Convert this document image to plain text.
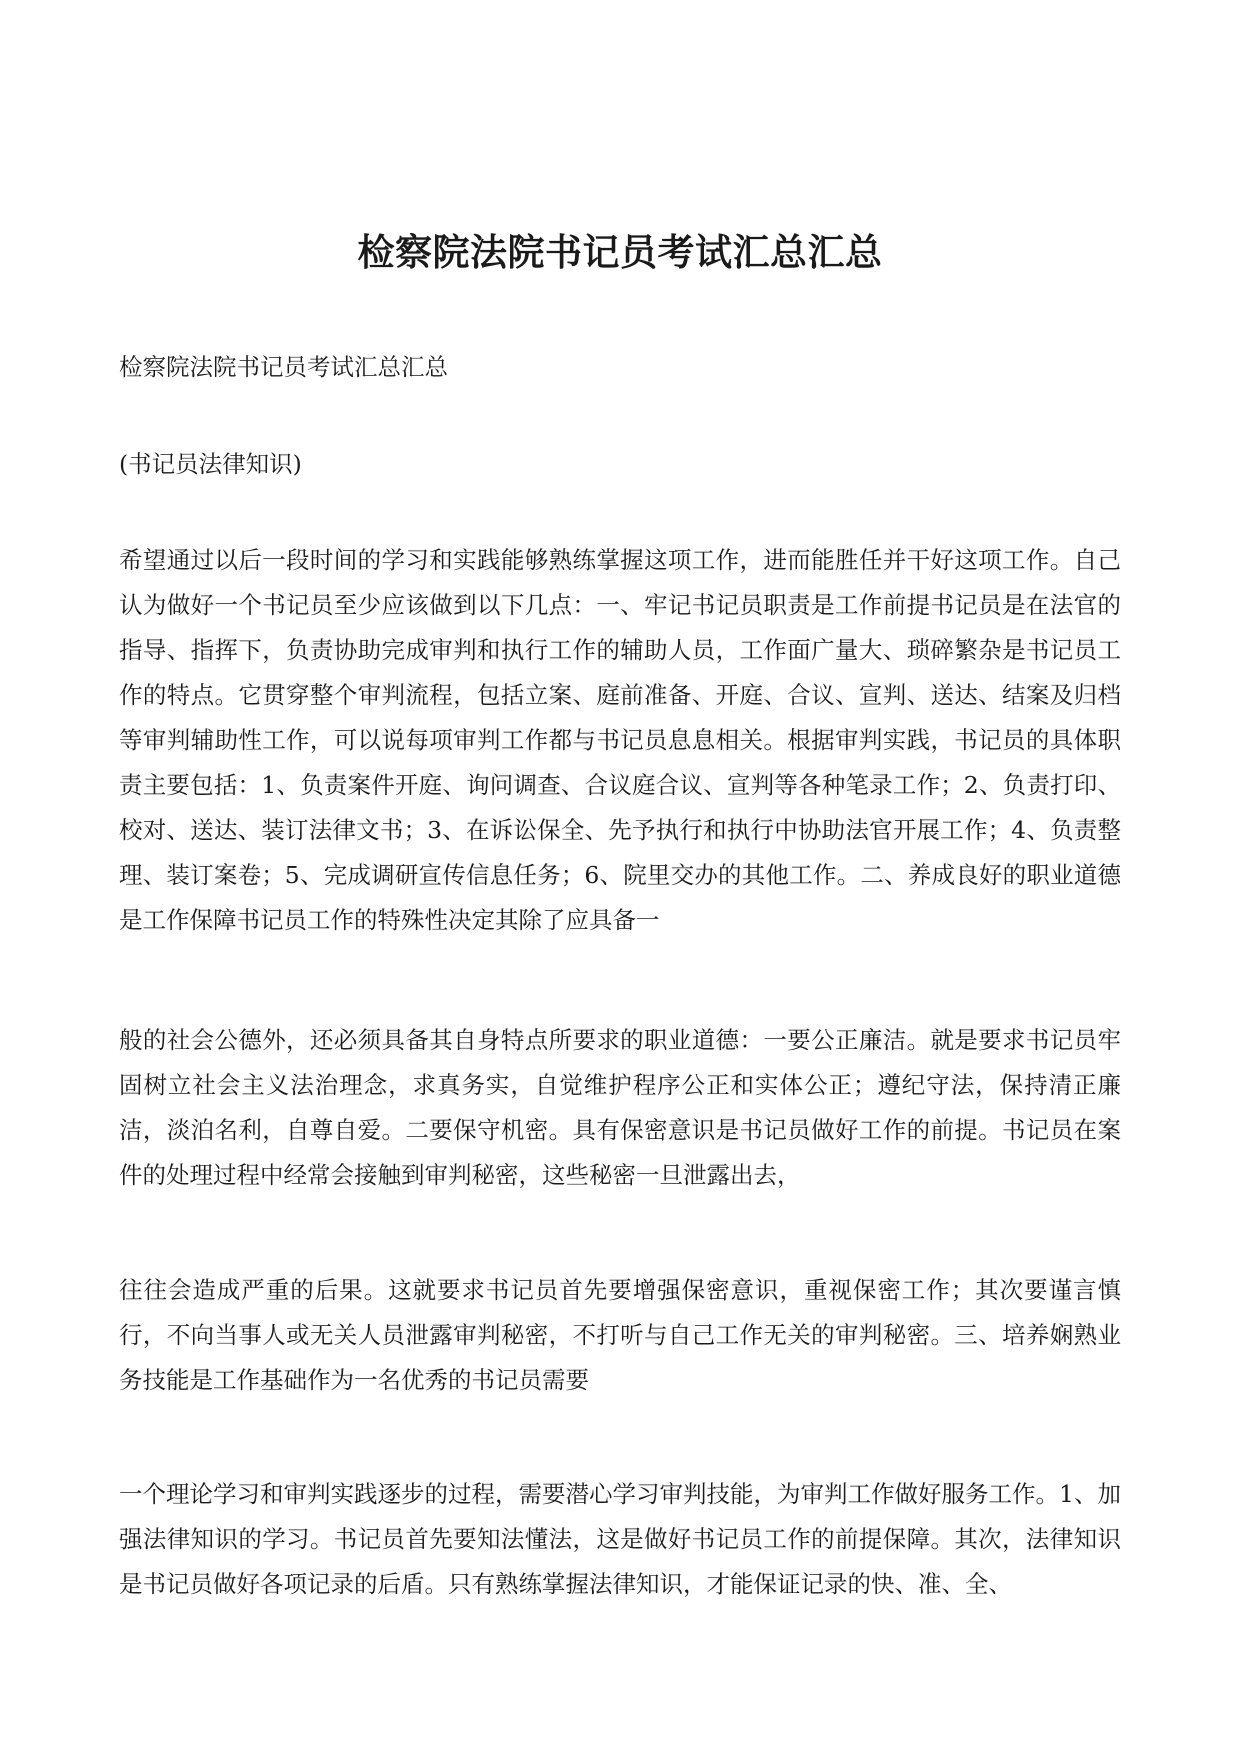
检察院法院书记员考试汇总汇总

检察院法院书记员考试汇总汇总

(书记员法律知识)

希望通过以后一段时间的学习和实践能够熟练掌握这项工作，进而能胜任并干好这项工作。自己认为做好一个书记员至少应该做到以下几点：一、牢记书记员职责是工作前提书记员是在法官的指导、指挥下，负责协助完成审判和执行工作的辅助人员，工作面广量大、琐碎繁杂是书记员工作的特点。它贯穿整个审判流程，包括立案、庭前准备、开庭、合议、宣判、送达、结案及归档等审判辅助性工作，可以说每项审判工作都与书记员息息相关。根据审判实践，书记员的具体职责主要包括：1、负责案件开庭、询问调查、合议庭合议、宣判等各种笔录工作；2、负责打印、校对、送达、装订法律文书；3、在诉讼保全、先予执行和执行中协助法官开展工作；4、负责整理、装订案卷；5、完成调研宣传信息任务；6、院里交办的其他工作。二、养成良好的职业道德是工作保障书记员工作的特殊性决定其除了应具备一

般的社会公德外，还必须具备其自身特点所要求的职业道德：一要公正廉洁。就是要求书记员牢固树立社会主义法治理念，求真务实，自觉维护程序公正和实体公正；遵纪守法，保持清正廉洁，淡泊名利，自尊自爱。二要保守机密。具有保密意识是书记员做好工作的前提。书记员在案件的处理过程中经常会接触到审判秘密，这些秘密一旦泄露出去，

往往会造成严重的后果。这就要求书记员首先要增强保密意识，重视保密工作；其次要谨言慎行，不向当事人或无关人员泄露审判秘密，不打听与自己工作无关的审判秘密。三、培养娴熟业务技能是工作基础作为一名优秀的书记员需要

一个理论学习和审判实践逐步的过程，需要潜心学习审判技能，为审判工作做好服务工作。1、加强法律知识的学习。书记员首先要知法懂法，这是做好书记员工作的前提保障。其次，法律知识是书记员做好各项记录的后盾。只有熟练掌握法律知识，才能保证记录的快、准、全、
